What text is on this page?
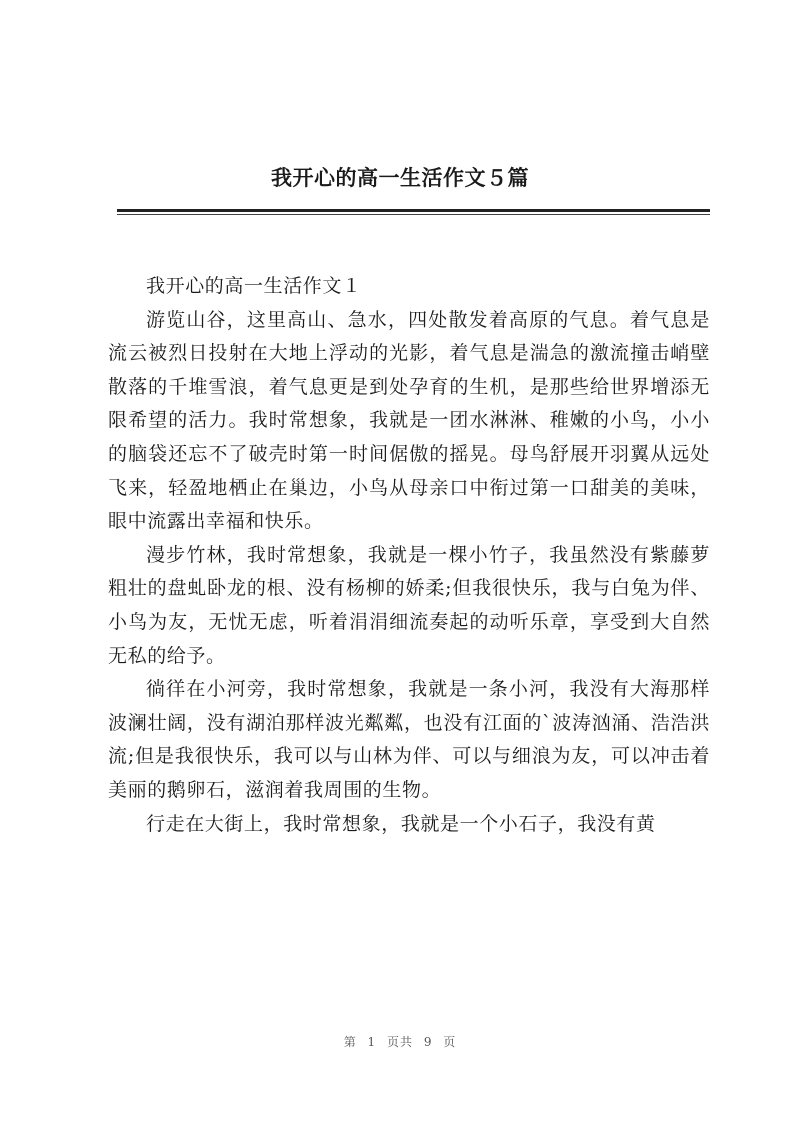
我开心的高一生活作文５篇

我开心的高一生活作文１

游览山谷，这里高山、急水，四处散发着高原的气息。着气息是流云被烈日投射在大地上浮动的光影，着气息是湍急的激流撞击峭壁散落的千堆雪浪，着气息更是到处孕育的生机，是那些给世界增添无限希望的活力。我时常想象，我就是一团水淋淋、稚嫩的小鸟，小小的脑袋还忘不了破壳时第一时间倨傲的摇晃。母鸟舒展开羽翼从远处飞来，轻盈地栖止在巢边，小鸟从母亲口中衔过第一口甜美的美味，眼中流露出幸福和快乐。

漫步竹林，我时常想象，我就是一棵小竹子，我虽然没有紫藤萝粗壮的盘虬卧龙的根、没有杨柳的娇柔;但我很快乐，我与白兔为伴、小鸟为友，无忧无虑，听着涓涓细流奏起的动听乐章，享受到大自然无私的给予。

徜徉在小河旁，我时常想象，我就是一条小河，我没有大海那样波澜壮阔，没有湖泊那样波光粼粼，也没有江面的`波涛汹涌、浩浩洪流;但是我很快乐，我可以与山林为伴、可以与细浪为友，可以冲击着美丽的鹅卵石，滋润着我周围的生物。

行走在大街上，我时常想象，我就是一个小石子，我没有黄

第 1 页共 9 页
